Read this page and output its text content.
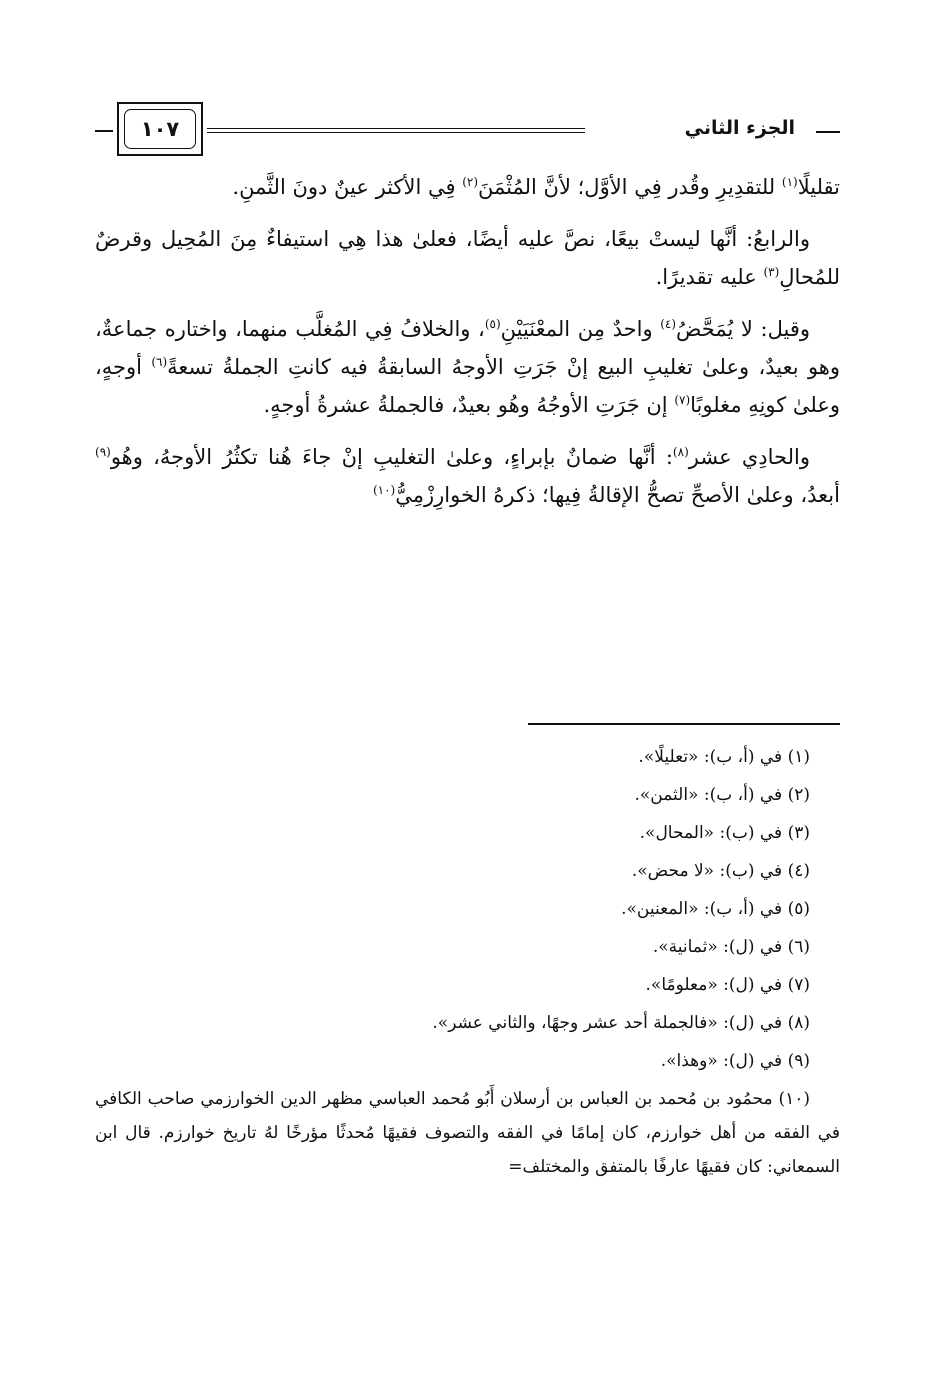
الجزء الثاني
١٠٧

تقليلًا$^{(١)}$ للتقدِيرِ وقُدر فِي الأوَّل؛ لأنَّ المُثْمَنَ$^{(٢)}$ فِي الأكثر عينٌ دونَ الثَّمنِ.

والرابعُ: أنَّها ليستْ بيعًا، نصَّ عليه أيضًا، فعلىٰ هذا هِي استيفاءٌ مِنَ المُحِيل وقرضٌ للمُحالِ$^{(٣)}$ عليه تقديرًا.

وقيل: لا يُمَحَّضُ$^{(٤)}$ واحدٌ مِن المعْنَيَيْنِ$^{(٥)}$، والخلافُ فِي المُغلَّب منهما، واختاره جماعةٌ، وهو بعيدٌ، وعلىٰ تغليبِ البيع إنْ جَرَتِ الأوجهُ السابقةُ فيه كانتِ الجملةُ تسعةً$^{(٦)}$ أوجهٍ، وعلىٰ كونِهِ مغلوبًا$^{(٧)}$ إن جَرَتِ الأوجُهُ وهُو بعيدٌ، فالجملةُ عشرةُ أوجهٍ.

والحادِي عشر$^{(٨)}$: أنَّها ضمانٌ بإبراءٍ، وعلىٰ التغليبِ إنْ جاءَ هُنا تكثُرُ الأوجهُ، وهُو$^{(٩)}$ أبعدُ، وعلىٰ الأصحِّ تصحُّ الإقالةُ فِيها؛ ذكرهُ الخوارِزْمِيُّ$^{(١٠)}$

(١) في (أ، ب): «تعليلًا».

(٢) في (أ، ب): «الثمن».

(٣) في (ب): «المحال».

(٤) في (ب): «لا محض».

(٥) في (أ، ب): «المعنين».

(٦) في (ل): «ثمانية».

(٧) في (ل): «معلومًا».

(٨) في (ل): «فالجملة أحد عشر وجهًا، والثاني عشر».

(٩) في (ل): «وهذا».

(١٠) محمُود بن مُحمد بن العباس بن أرسلان أَبُو مُحمد العباسي مظهر الدين الخوارزمي صاحب الكافي في الفقه من أهل خوارزم، كان إمامًا في الفقه والتصوف فقيهًا مُحدثًا مؤرخًا لهُ تاريخ خوارزم. قال ابن السمعاني: كان فقيهًا عارفًا بالمتفق والمختلف=
